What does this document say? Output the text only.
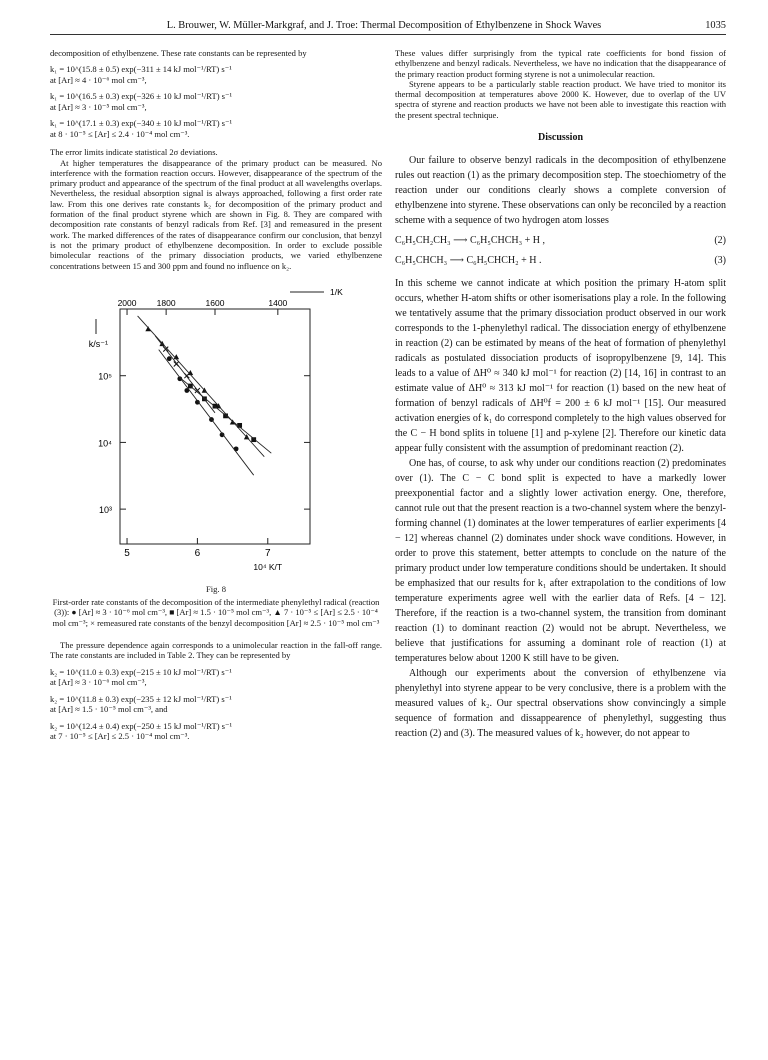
L. Brouwer, W. Müller-Markgraf, and J. Troe: Thermal Decomposition of Ethylbenzene in Shock Waves	1035

decomposition of ethylbenzene. These rate constants can be represented by

k₁ = 10^(15.8 ± 0.5) exp(−311 ± 14 kJ mol⁻¹/RT) s⁻¹
at [Ar] ≈ 4 · 10⁻⁶ mol cm⁻³,
k₁ = 10^(16.5 ± 0.3) exp(−326 ± 10 kJ mol⁻¹/RT) s⁻¹
at [Ar] ≈ 3 · 10⁻⁵ mol cm⁻³,
k₁ = 10^(17.1 ± 0.3) exp(−340 ± 10 kJ mol⁻¹/RT) s⁻¹
at 8 · 10⁻⁵ ≤ [Ar] ≤ 2.4 · 10⁻⁴ mol cm⁻³.

The error limits indicate statistical 2σ deviations.

At higher temperatures the disappearance of the primary product can be measured. No interference with the formation reaction occurs. However, disappearance of the spectrum of the primary product and appearance of the spectrum of the final product at all wavelengths overlaps. Nevertheless, the residual absorption signal is always approached, following a first order rate law. From this one derives rate constants k₂ for decomposition of the primary product and formation of the final product styrene which are shown in Fig. 8. They are compared with decomposition rate constants of benzyl radicals from Ref. [3] and remeasured in the present work. The marked differences of the rates of disappearance confirm our conclusion, that benzyl is not the primary product of ethylbenzene decomposition. In order to exclude possible bimolecular reactions of the primary dissociation products, we varied ethylbenzene concentrations between 15 and 300 ppm and found no influence on k₂.

5	6	7
10⁴ K/T
10⁵
10⁴
10³
k/s⁻¹
2000 1800	1600	1400
1/K

Fig. 8

First-order rate constants of the decomposition of the intermediate phenylethyl radical (reaction (3)): ● [Ar] ≈ 3 · 10⁻⁶ mol cm⁻³, ■ [Ar] ≈ 1.5 · 10⁻⁵ mol cm⁻³, ▲ 7 · 10⁻⁵ ≤ [Ar] ≤ 2.5 · 10⁻⁴ mol cm⁻³; × remeasured rate constants of the benzyl decomposition [Ar] ≈ 2.5 · 10⁻⁵ mol cm⁻³

The pressure dependence again corresponds to a unimolecular reaction in the fall-off range. The rate constants are included in Table 2. They can be represented by

k₂ = 10^(11.0 ± 0.3) exp(−215 ± 10 kJ mol⁻¹/RT) s⁻¹
at [Ar] ≈ 3 · 10⁻⁶ mol cm⁻³,
k₂ = 10^(11.8 ± 0.3) exp(−235 ± 12 kJ mol⁻¹/RT) s⁻¹
at [Ar] ≈ 1.5 · 10⁻⁵ mol cm⁻³, and
k₂ = 10^(12.4 ± 0.4) exp(−250 ± 15 kJ mol⁻¹/RT) s⁻¹
at 7 · 10⁻⁵ ≤ [Ar] ≤ 2.5 · 10⁻⁴ mol cm⁻³.

These values differ surprisingly from the typical rate coefficients for bond fission of ethylbenzene and benzyl radicals. Nevertheless, we have no indication that the disappearance of the primary reaction product forming styrene is not a unimolecular reaction.

Styrene appears to be a particularly stable reaction product. We have tried to monitor its thermal decomposition at temperatures above 2000 K. However, due to overlap of the UV spectra of styrene and reaction products we have not been able to investigate this reaction with the present spectral technique.

Discussion

Our failure to observe benzyl radicals in the decomposition of ethylbenzene rules out reaction (1) as the primary decomposition step. The stoechiometry of the reaction under our conditions clearly shows a complete conversion of ethylbenzene into styrene. These observations can only be reconciled by a reaction scheme with a sequence of two hydrogen atom losses

C₆H₅CH₂CH₃ ⟶ C₆H₅CHCH₃ + H ,	(2)
C₆H₅CHCH₃ ⟶ C₆H₅CHCH₂ + H .	(3)

In this scheme we cannot indicate at which position the primary H-atom split occurs, whether H-atom shifts or other isomerisations play a role. In the following we tentatively assume that the primary dissociation product observed in our work corresponds to the 1-phenylethyl radical. The dissociation energy of ethylbenzene in reaction (2) can be estimated by means of the heat of formation of phenylethyl radicals as postulated dissociation products of isopropylbenzene [9, 14]. This leads to a value of ΔH⁰ ≈ 340 kJ mol⁻¹ for reaction (2) [14, 16] in contrast to an estimate value of ΔH⁰ ≈ 313 kJ mol⁻¹ for reaction (1) based on the new heat of formation of benzyl radicals of ΔH⁰f = 200 ± 6 kJ mol⁻¹ [15]. Our measured activation energies of k₁ do correspond completely to the high values observed for the C − H bond splits in toluene [1] and p-xylene [2]. Therefore our kinetic data appear fully consistent with the assumption of predominant reaction (2).

One has, of course, to ask why under our conditions reaction (2) predominates over (1). The C − C bond split is expected to have a markedly lower preexponential factor and a slightly lower activation energy. One, therefore, cannot rule out that the present reaction is a two-channel system where the benzyl-forming channel (1) dominates at the lower temperatures of earlier experiments [4 − 12] whereas channel (2) dominates under shock wave conditions. However, in order to prove this statement, better attempts to conclude on the nature of the primary product under low temperature conditions should be undertaken. It should be emphasized that our results for k₁ after extrapolation to the conditions of low temperature experiments agree well with the earlier data of Refs. [4 − 12]. Therefore, if the reaction is a two-channel system, the transition from dominant reaction (1) to dominant reaction (2) would not be abrupt. Nevertheless, we believe that justifications for assuming a dominant role of reaction (1) at temperatures below about 1200 K still have to be given.

Although our experiments about the conversion of ethylbenzene via phenylethyl into styrene appear to be very conclusive, there is a problem with the measured values of k₂. Our spectral observations show convincingly a simple sequence of formation and dissappearence of phenylethyl, suggesting thus reaction (2) and (3). The measured values of k₂ however, do not appear to
